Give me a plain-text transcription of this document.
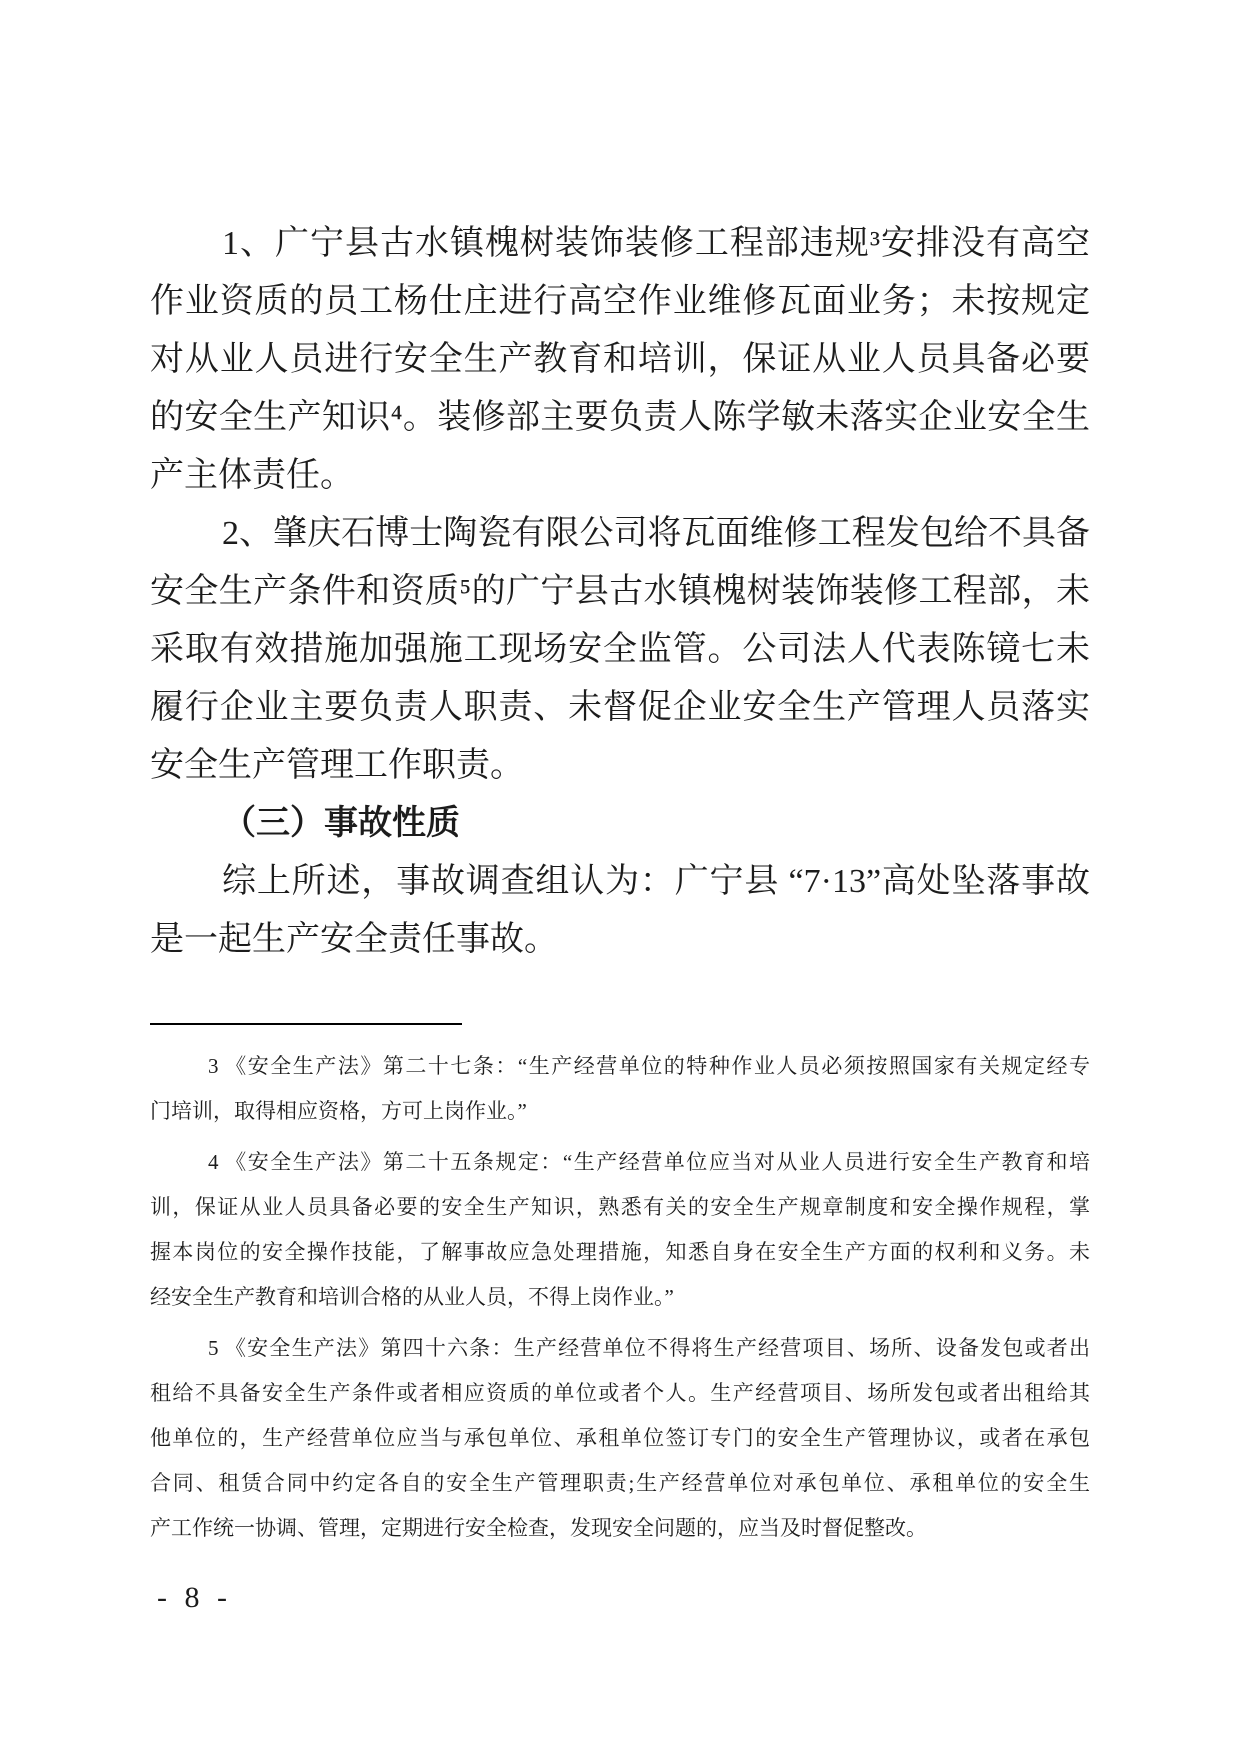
1、广宁县古水镇槐树装饰装修工程部违规³安排没有高空
作业资质的员工杨仕庄进行高空作业维修瓦面业务；未按规定
对从业人员进行安全生产教育和培训，保证从业人员具备必要
的安全生产知识⁴。装修部主要负责人陈学敏未落实企业安全生
产主体责任。
2、肇庆石博士陶瓷有限公司将瓦面维修工程发包给不具备
安全生产条件和资质⁵的广宁县古水镇槐树装饰装修工程部，未
采取有效措施加强施工现场安全监管。公司法人代表陈镜七未
履行企业主要负责人职责、未督促企业安全生产管理人员落实
安全生产管理工作职责。
（三）事故性质
综上所述，事故调查组认为：广宁县 “7·13”高处坠落事故
是一起生产安全责任事故。
3 《安全生产法》第二十七条：“生产经营单位的特种作业人员必须按照国家有关规定经专
门培训，取得相应资格，方可上岗作业。”
4 《安全生产法》第二十五条规定：“生产经营单位应当对从业人员进行安全生产教育和培
训，保证从业人员具备必要的安全生产知识，熟悉有关的安全生产规章制度和安全操作规程，掌
握本岗位的安全操作技能，了解事故应急处理措施，知悉自身在安全生产方面的权利和义务。未
经安全生产教育和培训合格的从业人员，不得上岗作业。”
5 《安全生产法》第四十六条：生产经营单位不得将生产经营项目、场所、设备发包或者出
租给不具备安全生产条件或者相应资质的单位或者个人。生产经营项目、场所发包或者出租给其
他单位的，生产经营单位应当与承包单位、承租单位签订专门的安全生产管理协议，或者在承包
合同、租赁合同中约定各自的安全生产管理职责;生产经营单位对承包单位、承租单位的安全生
产工作统一协调、管理，定期进行安全检查，发现安全问题的，应当及时督促整改。
- 8 -
